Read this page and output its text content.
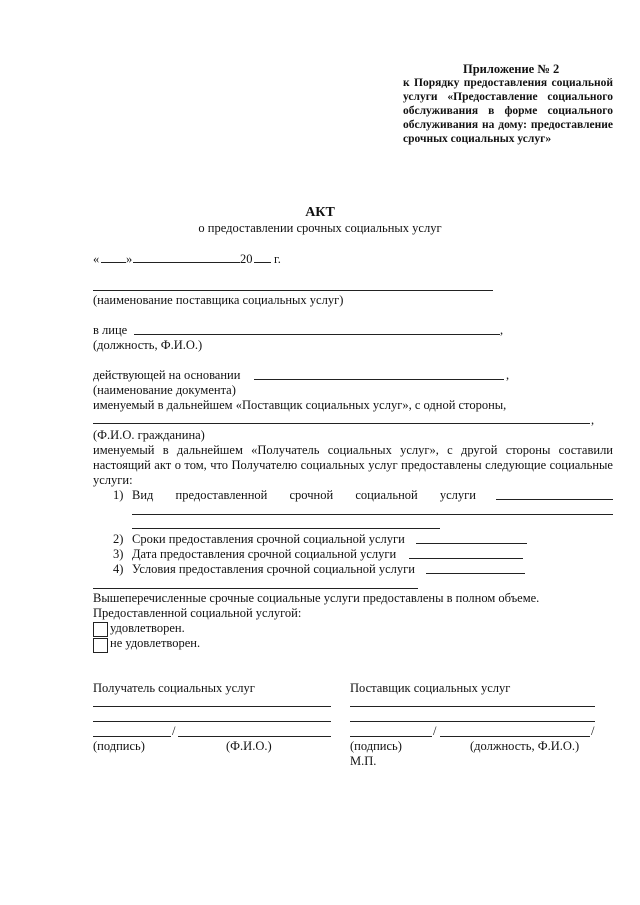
Приложение № 2
к Порядку предоставления социальной услуги «Предоставление социального обслуживания в форме социального обслуживания на дому: предоставление срочных социальных услуг»
АКТ
о предоставлении срочных социальных услуг
« »	20 г.
(наименование поставщика социальных услуг)
в лице	,
(должность, Ф.И.О.)
действующей на основании	,
(наименование документа)
именуемый в дальнейшем «Поставщик социальных услуг», с одной стороны,
,
(Ф.И.О. гражданина)
именуемый в дальнейшем «Получатель социальных услуг», с другой стороны составили настоящий акт о том, что Получателю социальных услуг предоставлены следующие социальные услуги:
1) Вид предоставленной срочной социальной услуги
2) Сроки предоставления срочной социальной услуги
3) Дата предоставления срочной социальной услуги
4) Условия предоставления срочной социальной услуги
Вышеперечисленные срочные социальные услуги предоставлены в полном объеме.
Предоставленной социальной услугой:
удовлетворен.
не удовлетворен.
Получатель социальных услуг
/
(подпись)	(Ф.И.О.)
Поставщик социальных услуг
/	/
(подпись)	(должность, Ф.И.О.)
М.П.
